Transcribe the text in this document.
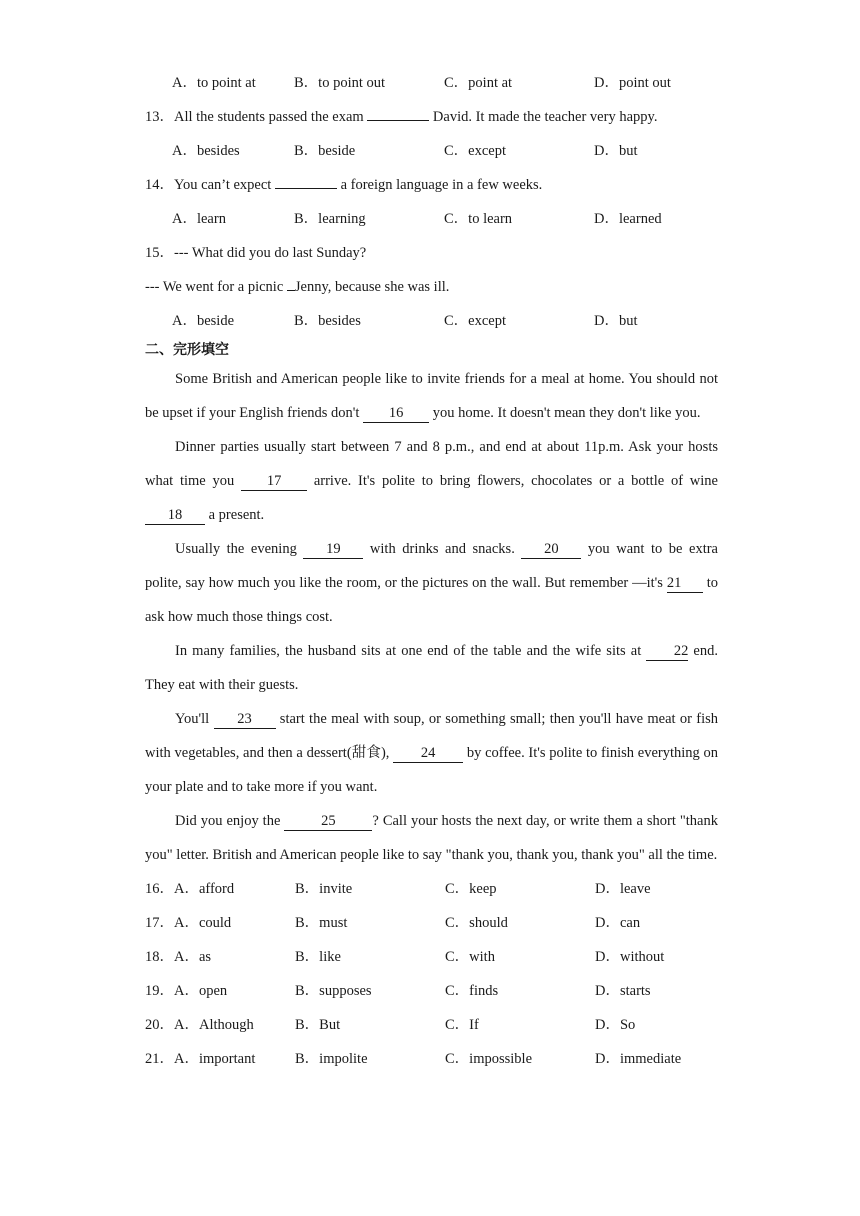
A．to point at	B．to point out	C．point at	D．point out
13．All the students passed the exam	David. It made the teacher very happy.
A．besides	B．beside	C．except	D．but
14．You can’t expect	a foreign language in a few weeks.
A．learn	B．learning	C．to learn	D．learned
15．--- What did you do last Sunday?
--- We went for a picnic Jenny, because she was ill.
A．beside	B．besides	C．except	D．but
二、完形填空

Some British and American people like to invite friends for a meal at home. You should not be upset if your English friends don't 16 you home. It doesn't mean they don't like you.

Dinner parties usually start between 7 and 8 p.m., and end at about 11p.m. Ask your hosts what time you 17 arrive. It's polite to bring flowers, chocolates or a bottle of wine 18 a present.

Usually the evening 19 with drinks and snacks. 20 you want to be extra polite, say how much you like the room, or the pictures on the wall. But remember —it's 21 to ask how much those things cost.

In many families, the husband sits at one end of the table and the wife sits at 22 end. They eat with their guests.

You'll 23 start the meal with soup, or something small; then you'll have meat or fish with vegetables, and then a dessert(甜食), 24 by coffee. It's polite to finish everything on your plate and to take more if you want.

Did you enjoy the	25	? Call your hosts the next day, or write them a short "thank you" letter. British and American people like to say "thank you, thank you, thank you" all the time.

16．A．afford	B．invite	C．keep	D．leave
17．A．could	B．must	C．should	D．can
18．A．as	B．like	C．with	D．without
19．A．open	B．supposes	C．finds	D．starts
20．A．Although	B．But	C．If	D．So
21．A．important	B．impolite	C．impossible	D．immediate
